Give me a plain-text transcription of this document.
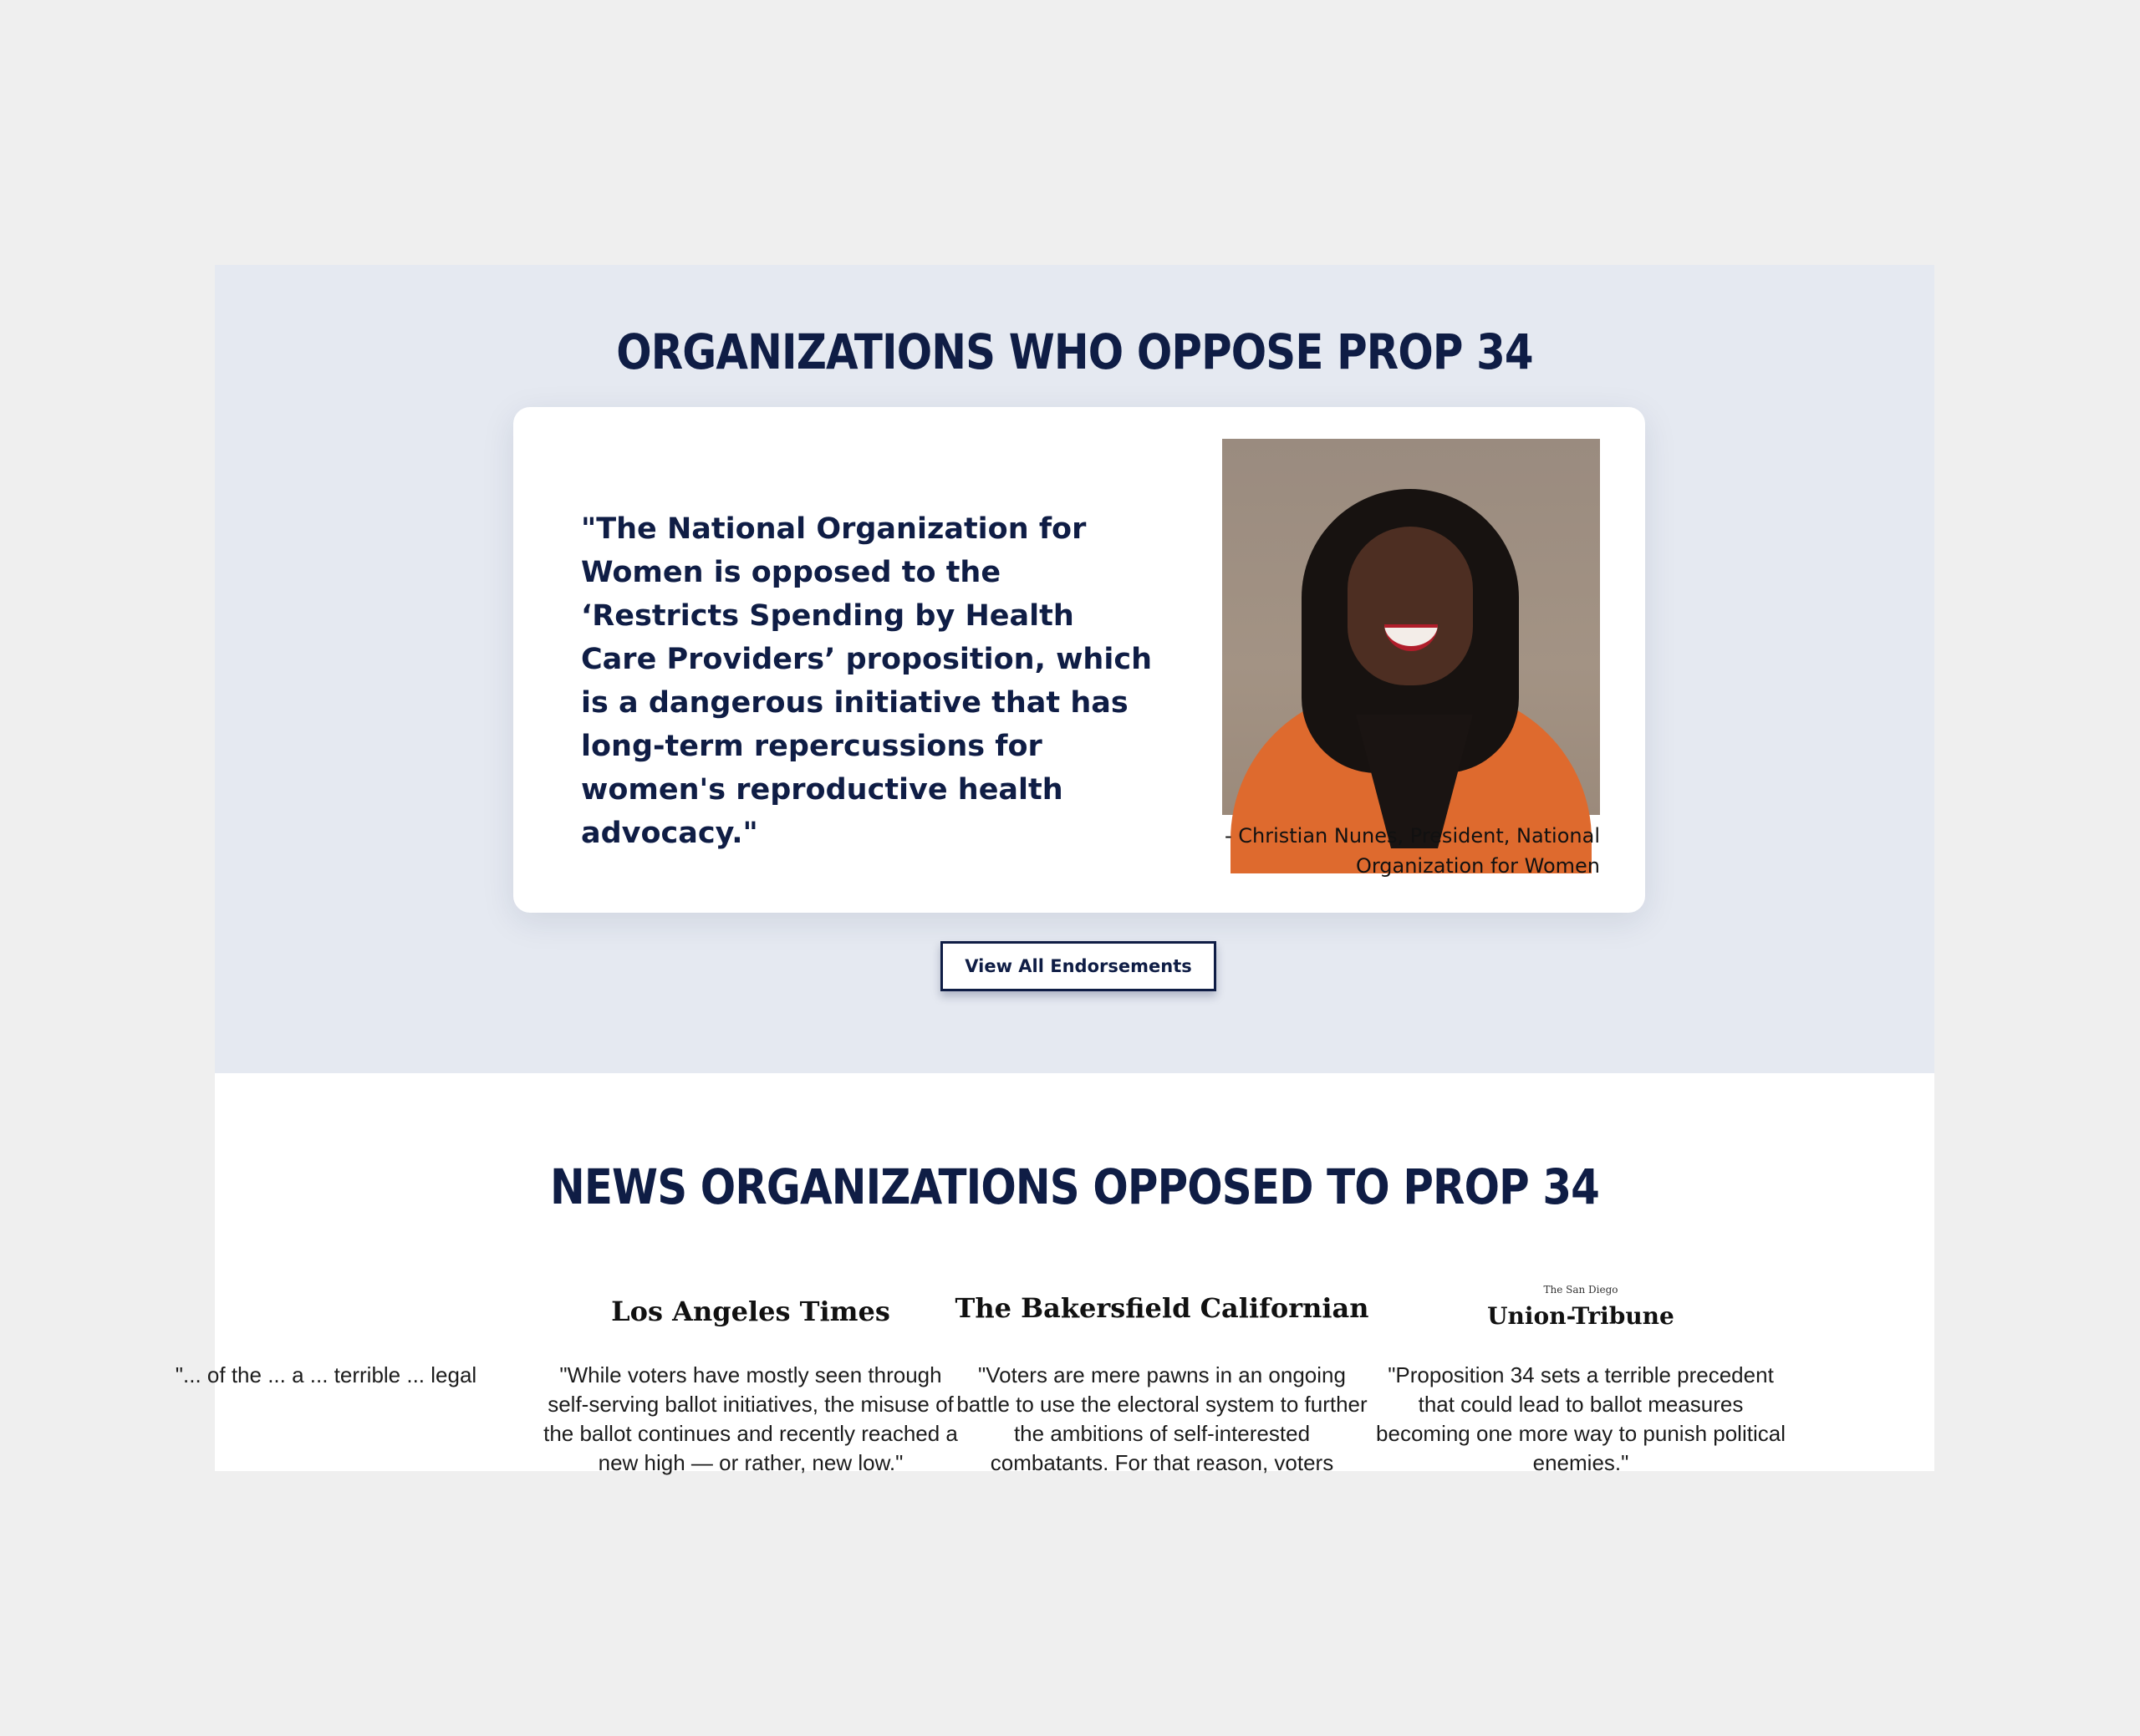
ORGANIZATIONS WHO OPPOSE PROP 34

"The National Organization for Women is opposed to the ‘Restricts Spending by Health Care Providers’ proposition, which is a dangerous initiative that has long-term repercussions for women's reproductive health advocacy."	- Christian Nunes, President, National Organization for Women

View All Endorsements
NEWS ORGANIZATIONS OPPOSED TO PROP 34

"... of the ... a ... terrible ... legal

Los Angeles Times

"While voters have mostly seen through self-serving ballot initiatives, the misuse of the ballot continues and recently reached a new high — or rather, new low."

The Bakersfield Californian

"Voters are mere pawns in an ongoing battle to use the electoral system to further the ambitions of self-interested combatants. For that reason, voters

The San Diego
Union-Tribune

"Proposition 34 sets a terrible precedent that could lead to ballot measures becoming one more way to punish political enemies."
